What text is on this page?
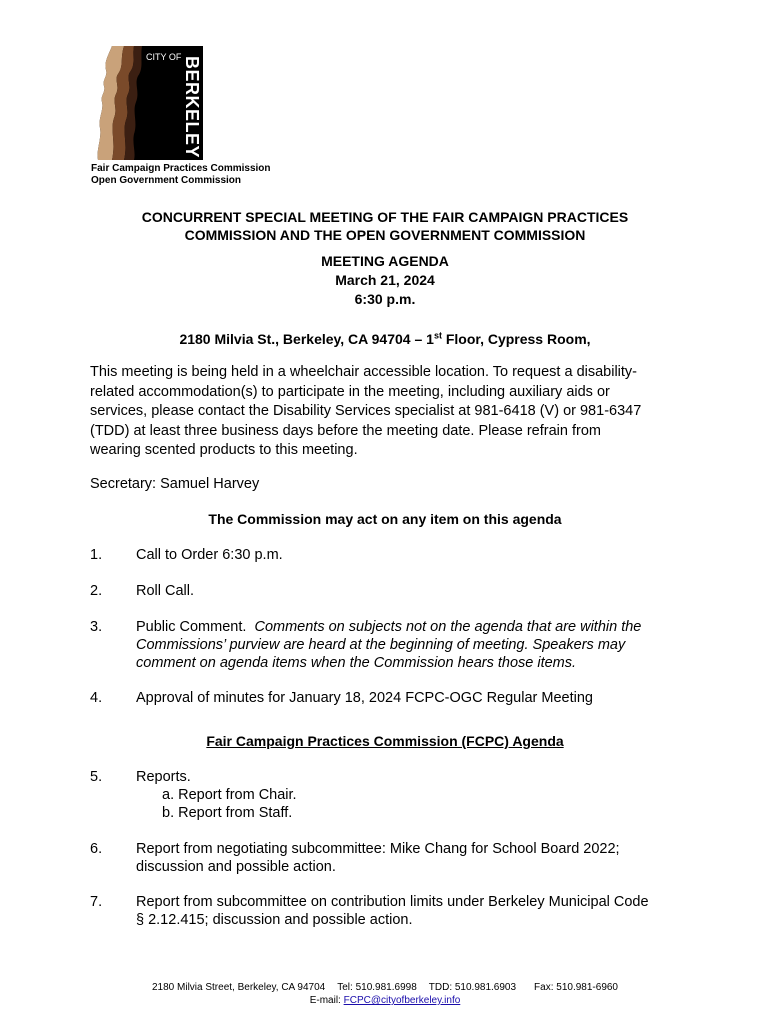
CITY OF BERKELEY
Fair Campaign Practices Commission
Open Government Commission
CONCURRENT SPECIAL MEETING OF THE FAIR CAMPAIGN PRACTICES
COMMISSION AND THE OPEN GOVERNMENT COMMISSION
MEETING AGENDA
March 21, 2024
6:30 p.m.
2180 Milvia St., Berkeley, CA 94704 – 1st Floor, Cypress Room,
This meeting is being held in a wheelchair accessible location. To request a disability-
related accommodation(s) to participate in the meeting, including auxiliary aids or
services, please contact the Disability Services specialist at 981-6418 (V) or 981-6347
(TDD) at least three business days before the meeting date. Please refrain from
wearing scented products to this meeting.
Secretary: Samuel Harvey
The Commission may act on any item on this agenda
1. Call to Order 6:30 p.m.
2. Roll Call.
3. Public Comment. Comments on subjects not on the agenda that are within the
Commissions’ purview are heard at the beginning of meeting. Speakers may
comment on agenda items when the Commission hears those items.
4. Approval of minutes for January 18, 2024 FCPC-OGC Regular Meeting
Fair Campaign Practices Commission (FCPC) Agenda
5. Reports.
a. Report from Chair.
b. Report from Staff.
6. Report from negotiating subcommittee: Mike Chang for School Board 2022;
discussion and possible action.
7. Report from subcommittee on contribution limits under Berkeley Municipal Code
§ 2.12.415; discussion and possible action.
2180 Milvia Street, Berkeley, CA 94704 Tel: 510.981.6998 TDD: 510.981.6903 Fax: 510.981-6960
E-mail: FCPC@cityofberkeley.info
